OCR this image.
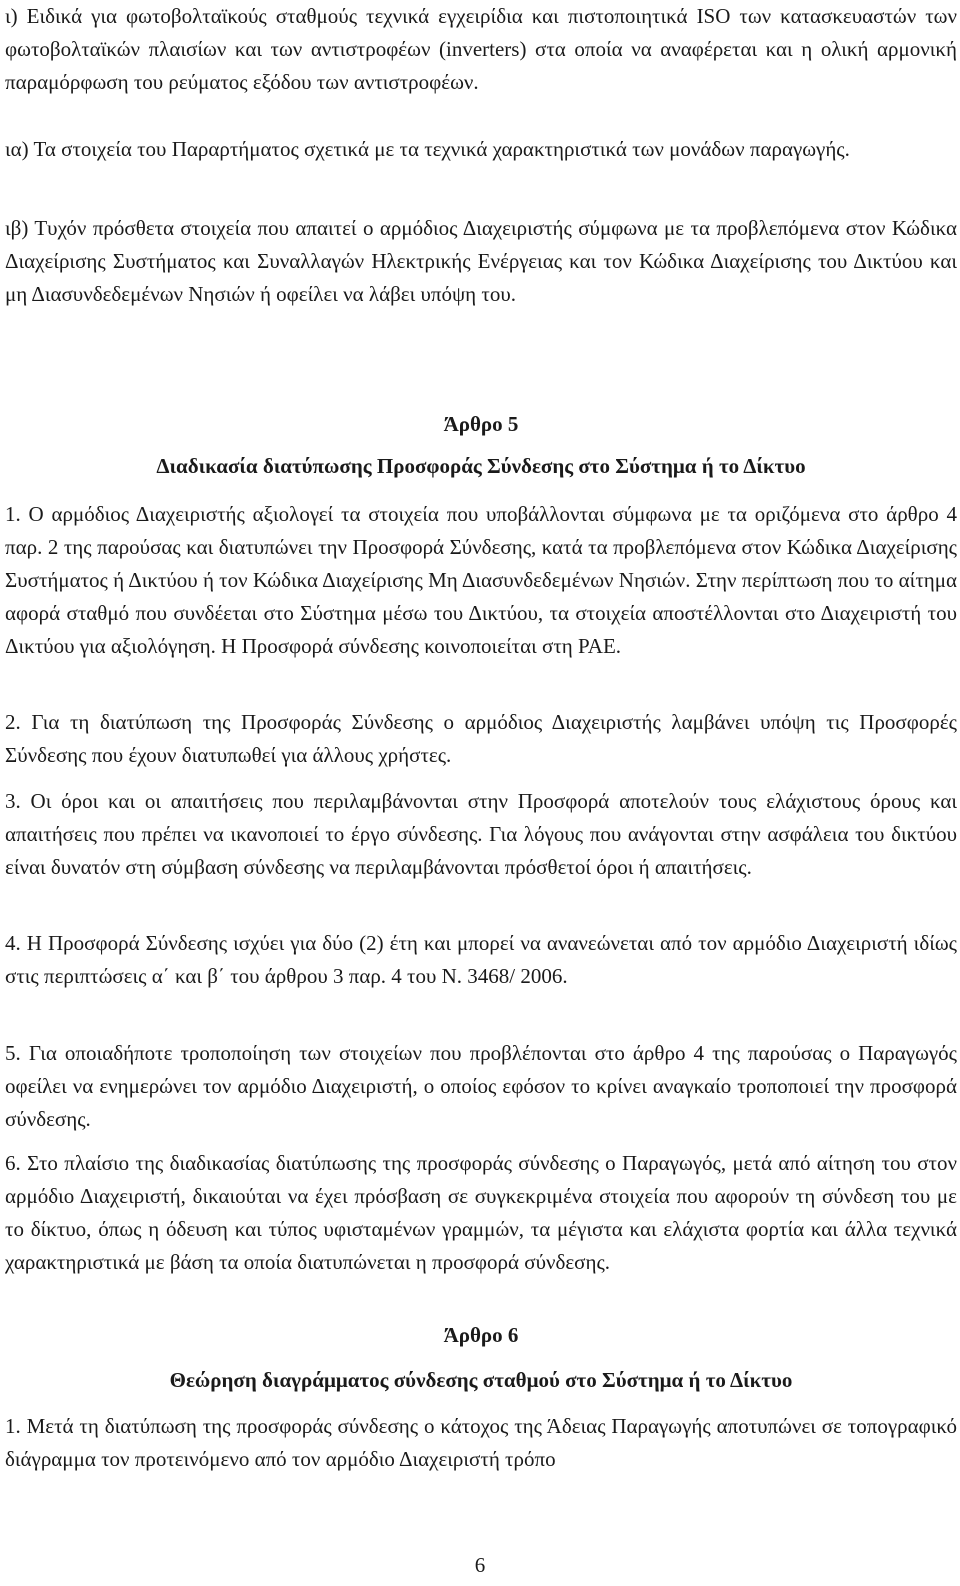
ι) Ειδικά για φωτοβολταϊκούς σταθμούς τεχνικά εγχειρίδια και πιστοποιητικά ISO των κατασκευαστών των φωτοβολταϊκών πλαισίων και των αντιστροφέων (inverters) στα οποία να αναφέρεται και η ολική αρμονική παραμόρφωση του ρεύματος εξόδου των αντιστροφέων.

ια) Τα στοιχεία του Παραρτήματος σχετικά με τα τεχνικά χαρακτηριστικά των μονάδων παραγωγής.

ιβ) Τυχόν πρόσθετα στοιχεία που απαιτεί ο αρμόδιος Διαχειριστής σύμφωνα με τα προβλεπόμενα στον Κώδικα Διαχείρισης Συστήματος και Συναλλαγών Ηλεκτρικής Ενέργειας και τον Κώδικα Διαχείρισης του Δικτύου και μη Διασυνδεδεμένων Νησιών ή οφείλει να λάβει υπόψη του.

Άρθρο 5
Διαδικασία διατύπωσης Προσφοράς Σύνδεσης στο Σύστημα ή το Δίκτυο

1. Ο αρμόδιος Διαχειριστής αξιολογεί τα στοιχεία που υποβάλλονται σύμφωνα με τα οριζόμενα στο άρθρο 4 παρ. 2 της παρούσας και διατυπώνει την Προσφορά Σύνδεσης, κατά τα προβλεπόμενα στον Κώδικα Διαχείρισης Συστήματος ή Δικτύου ή τον Κώδικα Διαχείρισης Μη Διασυνδεδεμένων Νησιών. Στην περίπτωση που το αίτημα αφορά σταθμό που συνδέεται στο Σύστημα μέσω του Δικτύου, τα στοιχεία αποστέλλονται στο Διαχειριστή του Δικτύου για αξιολόγηση. Η Προσφορά σύνδεσης κοινοποιείται στη ΡΑΕ.

2. Για τη διατύπωση της Προσφοράς Σύνδεσης ο αρμόδιος Διαχειριστής λαμβάνει υπόψη τις Προσφορές Σύνδεσης που έχουν διατυπωθεί για άλλους χρήστες.

3. Οι όροι και οι απαιτήσεις που περιλαμβάνονται στην Προσφορά αποτελούν τους ελάχιστους όρους και απαιτήσεις που πρέπει να ικανοποιεί το έργο σύνδεσης. Για λόγους που ανάγονται στην ασφάλεια του δικτύου είναι δυνατόν στη σύμβαση σύνδεσης να περιλαμβάνονται πρόσθετοί όροι ή απαιτήσεις.

4. Η Προσφορά Σύνδεσης ισχύει για δύο (2) έτη και μπορεί να ανανεώνεται από τον αρμόδιο Διαχειριστή ιδίως στις περιπτώσεις α΄ και β΄ του άρθρου 3 παρ. 4 του Ν. 3468/ 2006.

5. Για οποιαδήποτε τροποποίηση των στοιχείων που προβλέπονται στο άρθρο 4 της παρούσας ο Παραγωγός οφείλει να ενημερώνει τον αρμόδιο Διαχειριστή, ο οποίος εφόσον το κρίνει αναγκαίο τροποποιεί την προσφορά σύνδεσης.

6. Στο πλαίσιο της διαδικασίας διατύπωσης της προσφοράς σύνδεσης ο Παραγωγός, μετά από αίτηση του στον αρμόδιο Διαχειριστή, δικαιούται να έχει πρόσβαση σε συγκεκριμένα στοιχεία που αφορούν τη σύνδεση του με το δίκτυο, όπως η όδευση και τύπος υφισταμένων γραμμών, τα μέγιστα και ελάχιστα φορτία και άλλα τεχνικά χαρακτηριστικά με βάση τα οποία διατυπώνεται η προσφορά σύνδεσης.

Άρθρο 6
Θεώρηση διαγράμματος σύνδεσης σταθμού στο Σύστημα ή το Δίκτυο

1. Μετά τη διατύπωση της προσφοράς σύνδεσης ο κάτοχος της Άδειας Παραγωγής αποτυπώνει σε τοπογραφικό διάγραμμα τον προτεινόμενο από τον αρμόδιο Διαχειριστή τρόπο

6
